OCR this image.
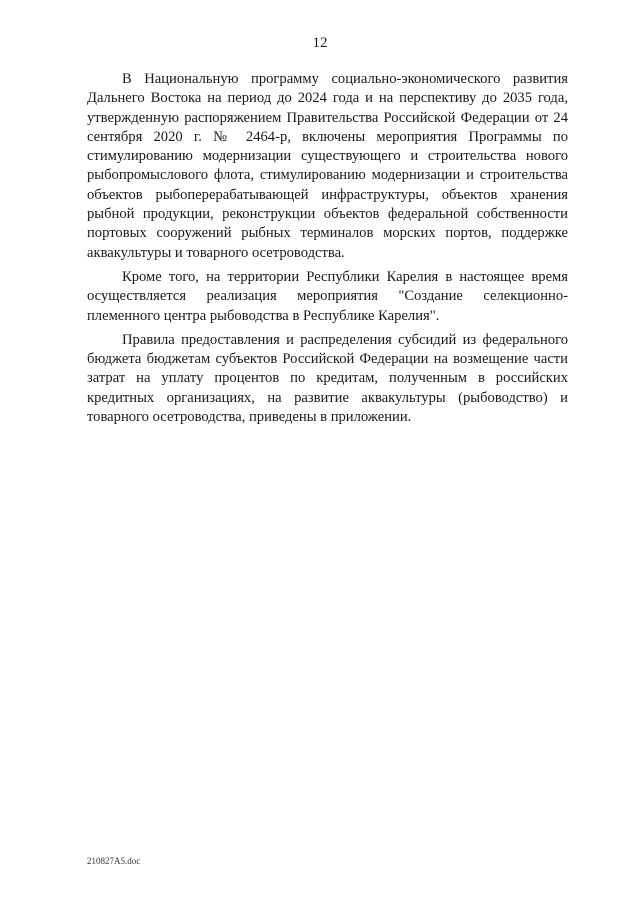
12

В Национальную программу социально-экономического развития Дальнего Востока на период до 2024 года и на перспективу до 2035 года, утвержденную распоряжением Правительства Российской Федерации от 24 сентября 2020 г. № 2464-р, включены мероприятия Программы по стимулированию модернизации существующего и строительства нового рыбопромыслового флота, стимулированию модернизации и строительства объектов рыбоперерабатывающей инфраструктуры, объектов хранения рыбной продукции, реконструкции объектов федеральной собственности портовых сооружений рыбных терминалов морских портов, поддержке аквакультуры и товарного осетроводства.

Кроме того, на территории Республики Карелия в настоящее время осуществляется реализация мероприятия "Создание селекционно-племенного центра рыбоводства в Республике Карелия".

Правила предоставления и распределения субсидий из федерального бюджета бюджетам субъектов Российской Федерации на возмещение части затрат на уплату процентов по кредитам, полученным в российских кредитных организациях, на развитие аквакультуры (рыбоводство) и товарного осетроводства, приведены в приложении.

210827A5.doc
